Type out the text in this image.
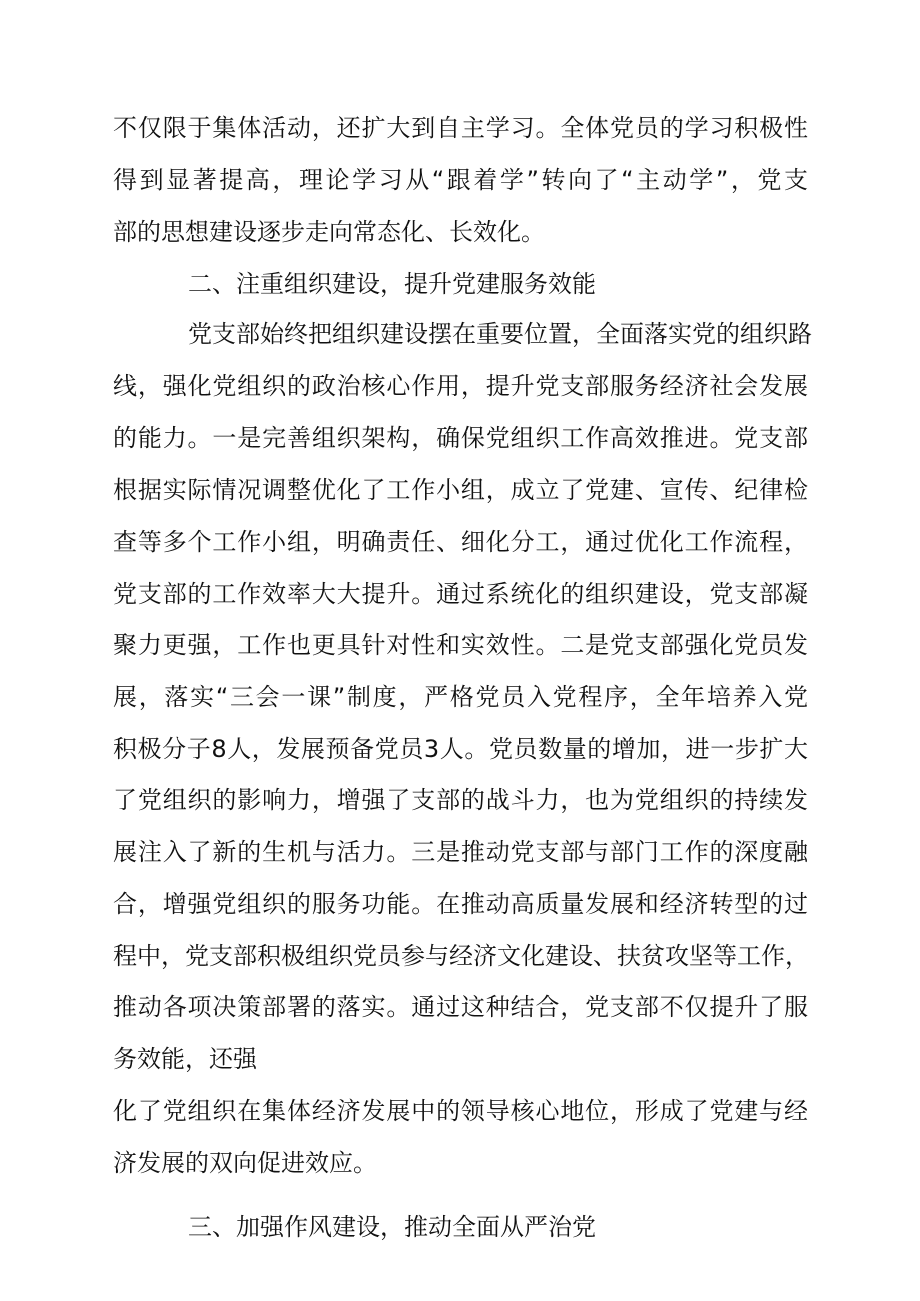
不仅限于集体活动，还扩大到自主学习。全体党员的学习积极性
得到显著提高，理论学习从“跟着学”转向了“主动学”，党支
部的思想建设逐步走向常态化、长效化。
二、注重组织建设，提升党建服务效能
党支部始终把组织建设摆在重要位置，全面落实党的组织路
线，强化党组织的政治核心作用，提升党支部服务经济社会发展
的能力。一是完善组织架构，确保党组织工作高效推进。党支部
根据实际情况调整优化了工作小组，成立了党建、宣传、纪律检
查等多个工作小组，明确责任、细化分工，通过优化工作流程，
党支部的工作效率大大提升。通过系统化的组织建设，党支部凝
聚力更强，工作也更具针对性和实效性。二是党支部强化党员发
展，落实“三会一课”制度，严格党员入党程序，全年培养入党
积极分子8人，发展预备党员3人。党员数量的增加，进一步扩大
了党组织的影响力，增强了支部的战斗力，也为党组织的持续发
展注入了新的生机与活力。三是推动党支部与部门工作的深度融
合，增强党组织的服务功能。在推动高质量发展和经济转型的过
程中，党支部积极组织党员参与经济文化建设、扶贫攻坚等工作，
推动各项决策部署的落实。通过这种结合，党支部不仅提升了服
务效能，还强
化了党组织在集体经济发展中的领导核心地位，形成了党建与经
济发展的双向促进效应。
三、加强作风建设，推动全面从严治党
